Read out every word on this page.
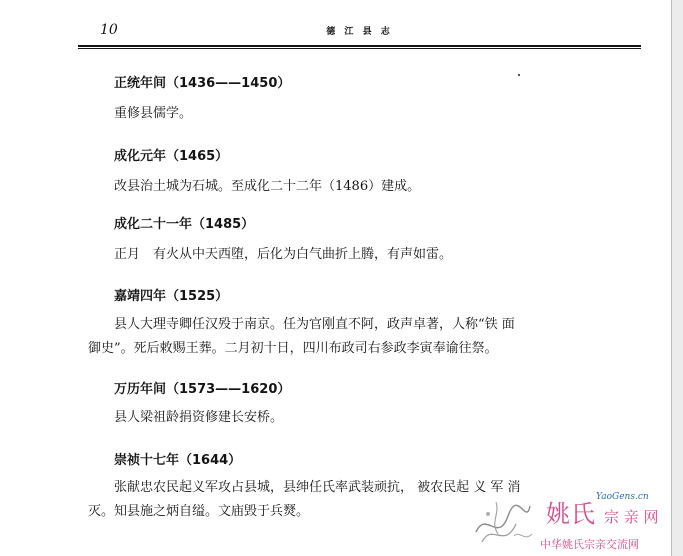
10	德 江 县 志
正统年间（1436——1450）
重修县儒学。
成化元年（1465）
改县治土城为石城。至成化二十二年（1486）建成。
成化二十一年（1485）
正月　有火从中天西堕，后化为白气曲折上腾，有声如雷。
嘉靖四年（1525）
县人大理寺卿任汉殁于南京。任为官刚直不阿，政声卓著，人称“铁 面
御史”。死后敕赐王葬。二月初十日，四川布政司右参政李寅奉谕往祭。
万历年间（1573——1620）
县人梁祖龄捐资修建长安桥。
崇祯十七年（1644）
张献忠农民起义军攻占县城，县绅任氏率武装顽抗， 被农民起 义 军 消
灭。知县施之炳自缢。文庙毁于兵燹。	姚氏 宗 亲 网
YaoGens.cn
中华姚氏宗亲交流网
